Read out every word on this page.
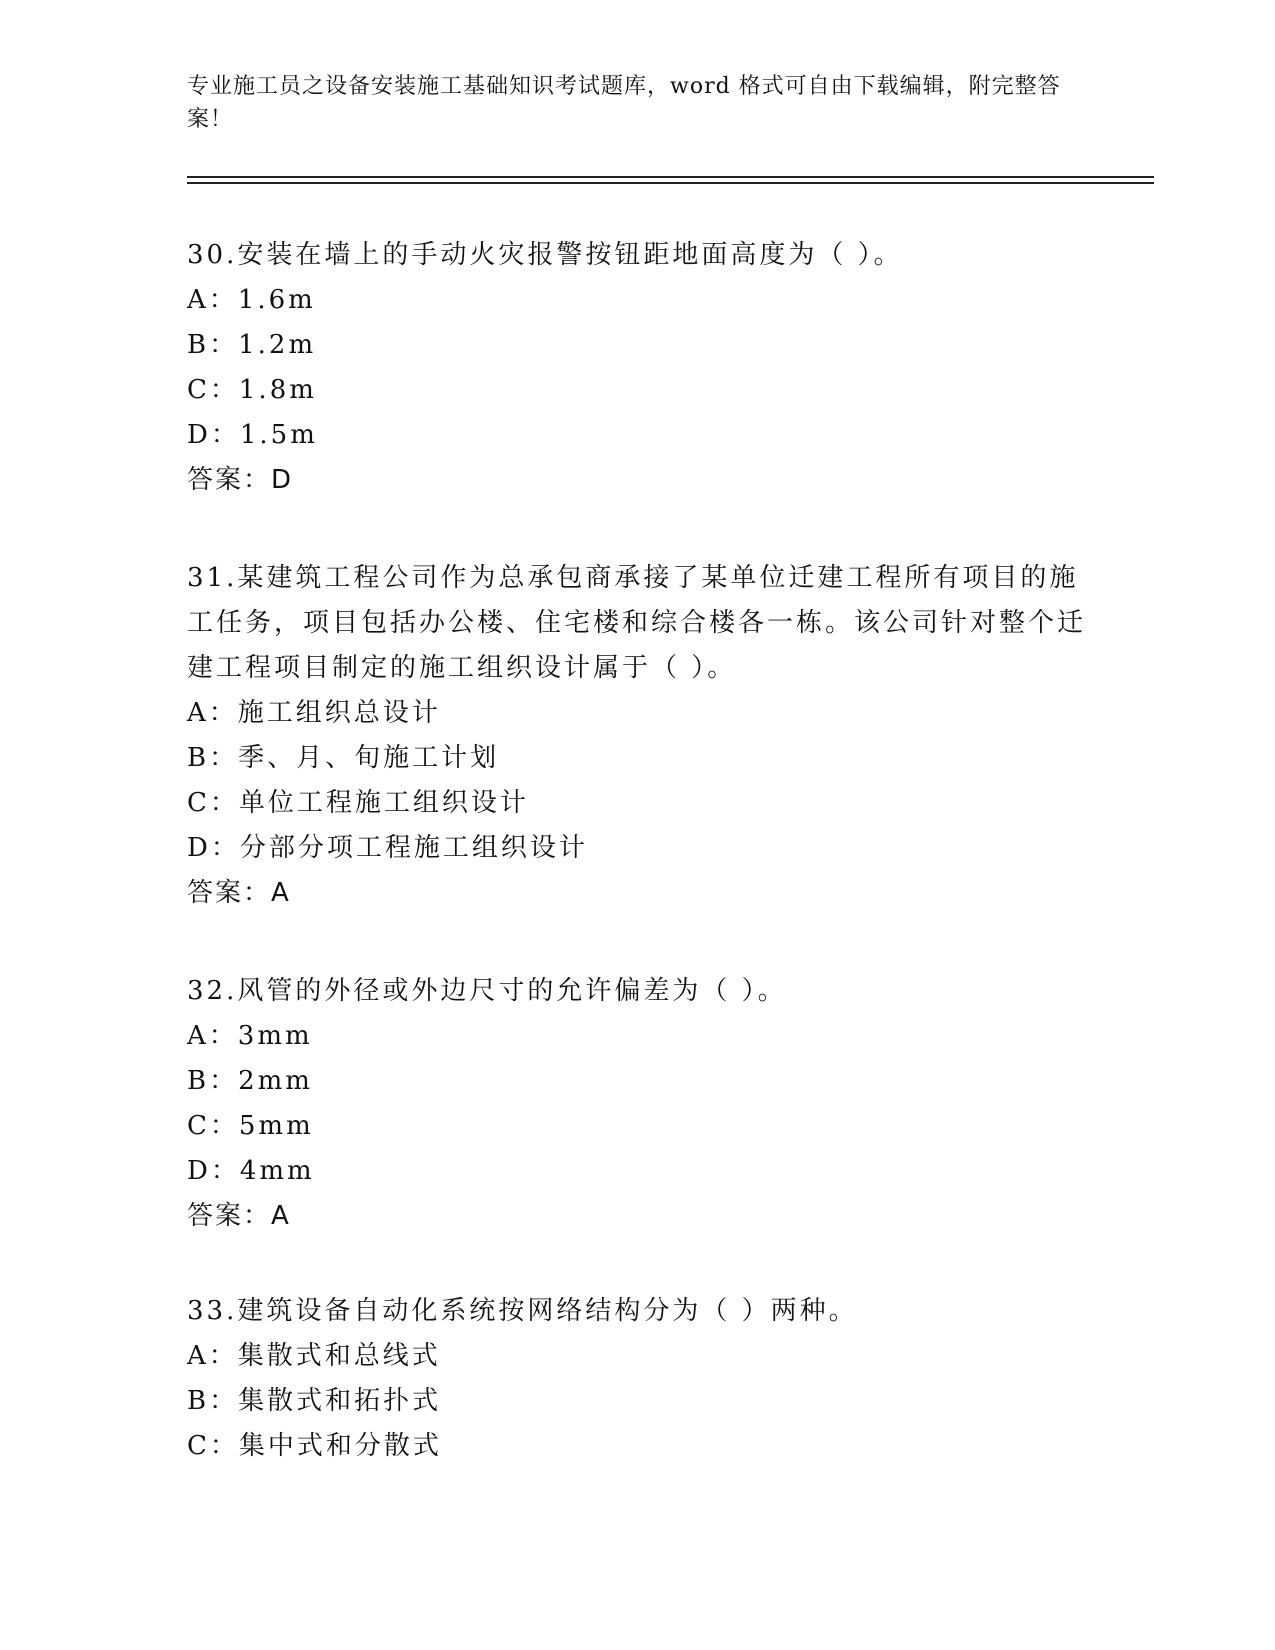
专业施工员之设备安装施工基础知识考试题库，word 格式可自由下载编辑，附完整答案！
30.安装在墙上的手动火灾报警按钮距地面高度为（ ）。
A：1.6m
B：1.2m
C：1.8m
D：1.5m
答案：D
31.某建筑工程公司作为总承包商承接了某单位迁建工程所有项目的施工任务，项目包括办公楼、住宅楼和综合楼各一栋。该公司针对整个迁建工程项目制定的施工组织设计属于（ ）。
A：施工组织总设计
B：季、月、旬施工计划
C：单位工程施工组织设计
D：分部分项工程施工组织设计
答案：A
32.风管的外径或外边尺寸的允许偏差为（ ）。
A：3mm
B：2mm
C：5mm
D：4mm
答案：A
33.建筑设备自动化系统按网络结构分为（ ）两种。
A：集散式和总线式
B：集散式和拓扑式
C：集中式和分散式
